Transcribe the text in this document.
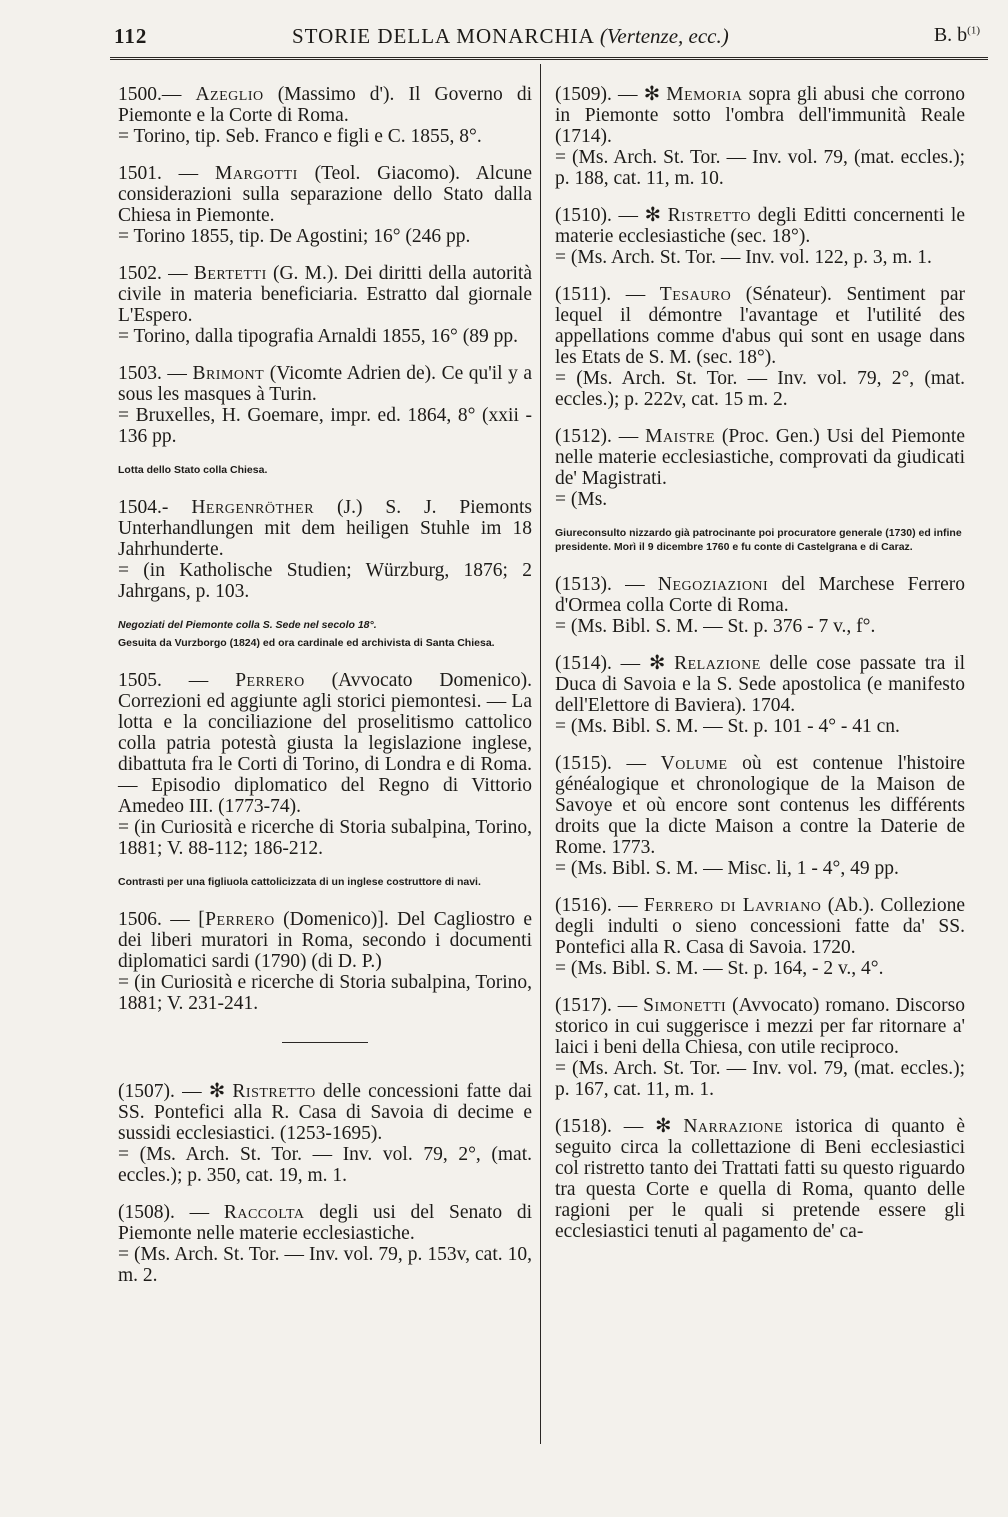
112	STORIE DELLA MONARCHIA (Vertenze, ecc.)	B. $b^{(1)}$
1500.— Azeglio (Massimo d'). Il Governo di Piemonte e la Corte di Roma.
= Torino, tip. Seb. Franco e figli e C. 1855, 8°.
1501. — Margotti (Teol. Giacomo). Alcune considerazioni sulla separazione dello Stato dalla Chiesa in Piemonte.
= Torino 1855, tip. De Agostini; 16° (246 pp.
1502. — Bertetti (G. M.). Dei diritti della autorità civile in materia beneficiaria. Estratto dal giornale L'Espero.
= Torino, dalla tipografia Arnaldi 1855, 16° (89 pp.
1503. — Brimont (Vicomte Adrien de). Ce qu'il y a sous les masques à Turin.
= Bruxelles, H. Goemare, impr. ed. 1864, 8° (xxii - 136 pp.
Lotta dello Stato colla Chiesa.
1504.- Hergenröther (J.) S. J. Piemonts Unterhandlungen mit dem heiligen Stuhle im 18 Jahrhunderte.
= (in Katholische Studien; Würzburg, 1876; 2 Jahrgans, p. 103.
Negoziati del Piemonte colla S. Sede nel secolo 18°.
Gesuita da Vurzborgo (1824) ed ora cardinale ed archivista di Santa Chiesa.
1505. — Perrero (Avvocato Domenico). Correzioni ed aggiunte agli storici piemontesi. — La lotta e la conciliazione del proselitismo cattolico colla patria potestà giusta la legislazione inglese, dibattuta fra le Corti di Torino, di Londra e di Roma. — Episodio diplomatico del Regno di Vittorio Amedeo III. (1773-74).
= (in Curiosità e ricerche di Storia subalpina, Torino, 1881; V. 88-112; 186-212.
Contrasti per una figliuola cattolicizzata di un inglese costruttore di navi.
1506. — [Perrero (Domenico)]. Del Cagliostro e dei liberi muratori in Roma, secondo i documenti diplomatici sardi (1790) (di D. P.)
= (in Curiosità e ricerche di Storia subalpina, Torino, 1881; V. 231-241.
(1507). — ✻ Ristretto delle concessioni fatte dai SS. Pontefici alla R. Casa di Savoia di decime e sussidi ecclesiastici. (1253-1695).
= (Ms. Arch. St. Tor. — Inv. vol. 79, 2°, (mat. eccles.); p. 350, cat. 19, m. 1.
(1508). — Raccolta degli usi del Senato di Piemonte nelle materie ecclesiastiche.
= (Ms. Arch. St. Tor. — Inv. vol. 79, p. 153v, cat. 10, m. 2.
(1509). — ✻ Memoria sopra gli abusi che corrono in Piemonte sotto l'ombra dell'immunità Reale (1714).
= (Ms. Arch. St. Tor. — Inv. vol. 79, (mat. eccles.); p. 188, cat. 11, m. 10.
(1510). — ✻ Ristretto degli Editti concernenti le materie ecclesiastiche (sec. 18°).
= (Ms. Arch. St. Tor. — Inv. vol. 122, p. 3, m. 1.
(1511). — Tesauro (Sénateur). Sentiment par lequel il démontre l'avantage et l'utilité des appellations comme d'abus qui sont en usage dans les Etats de S. M. (sec. 18°).
= (Ms. Arch. St. Tor. — Inv. vol. 79, 2°, (mat. eccles.); p. 222v, cat. 15 m. 2.
(1512). — Maistre (Proc. Gen.) Usi del Piemonte nelle materie ecclesiastiche, comprovati da giudicati de' Magistrati.
= (Ms.
Giureconsulto nizzardo già patrocinante poi procuratore generale (1730) ed infine presidente. Morì il 9 dicembre 1760 e fu conte di Castelgrana e di Caraz.
(1513). — Negoziazioni del Marchese Ferrero d'Ormea colla Corte di Roma.
= (Ms. Bibl. S. M. — St. p. 376 - 7 v., f°.
(1514). — ✻ Relazione delle cose passate tra il Duca di Savoia e la S. Sede apostolica (e manifesto dell'Elettore di Baviera). 1704.
= (Ms. Bibl. S. M. — St. p. 101 - 4° - 41 cn.
(1515). — Volume où est contenue l'histoire généalogique et chronologique de la Maison de Savoye et où encore sont contenus les différents droits que la dicte Maison a contre la Daterie de Rome. 1773.
= (Ms. Bibl. S. M. — Misc. li, 1 - 4°, 49 pp.
(1516). — Ferrero di Lavriano (Ab.). Collezione degli indulti o sieno concessioni fatte da' SS. Pontefici alla R. Casa di Savoia. 1720.
= (Ms. Bibl. S. M. — St. p. 164, - 2 v., 4°.
(1517). — Simonetti (Avvocato) romano. Discorso storico in cui suggerisce i mezzi per far ritornare a' laici i beni della Chiesa, con utile reciproco.
= (Ms. Arch. St. Tor. — Inv. vol. 79, (mat. eccles.); p. 167, cat. 11, m. 1.
(1518). — ✻ Narrazione istorica di quanto è seguito circa la collettazione di Beni ecclesiastici col ristretto tanto dei Trattati fatti su questo riguardo tra questa Corte e quella di Roma, quanto delle ragioni per le quali si pretende essere gli ecclesiastici tenuti al pagamento de' ca-
